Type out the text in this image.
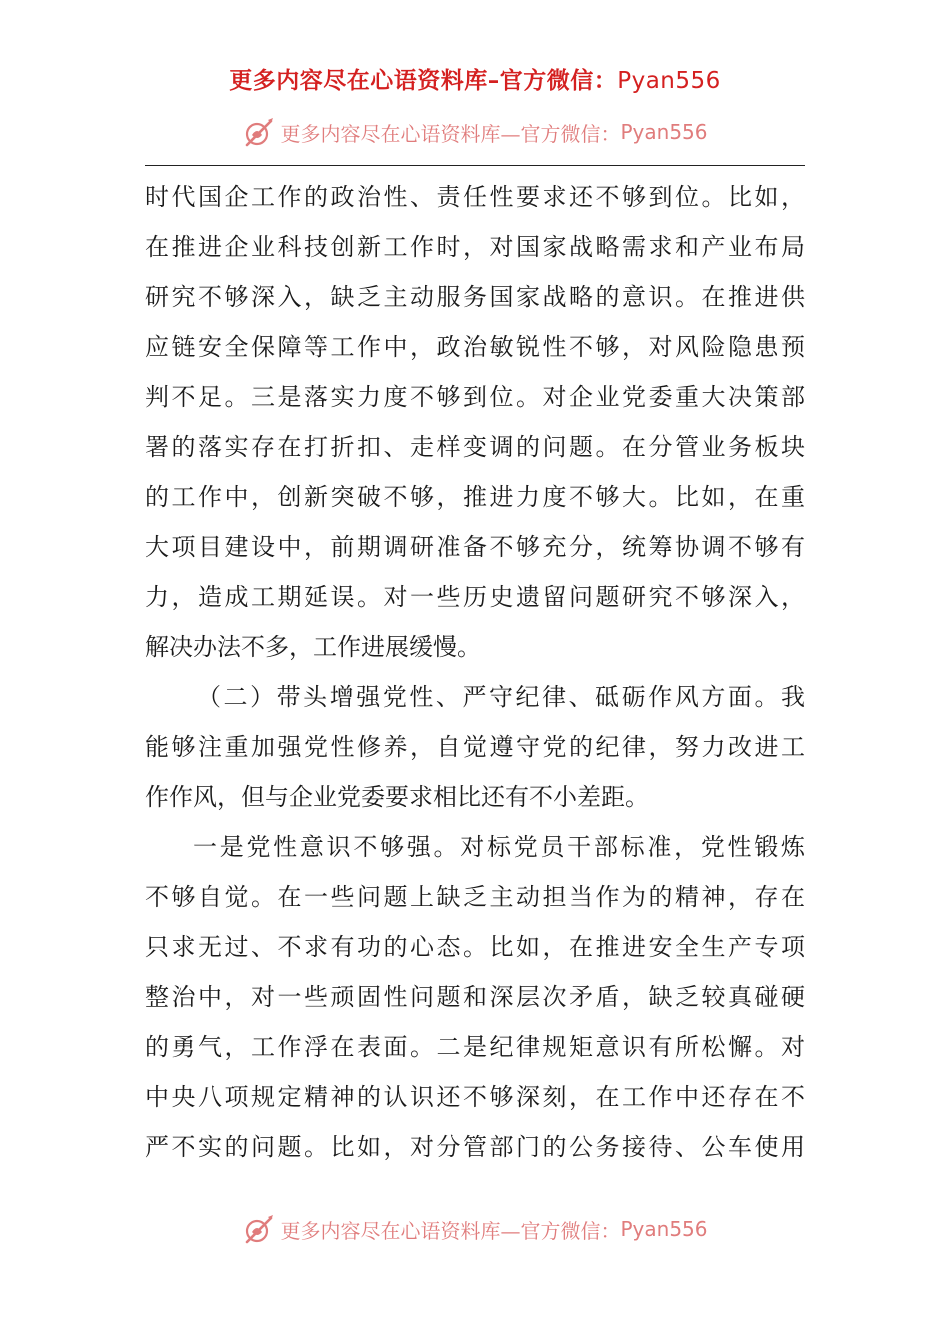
更多内容尽在心语资料库–官方微信：Pyan556
更多内容尽在心语资料库—官方微信： Pyan556
时代国企工作的政治性、责任性要求还不够到位。比如，
在推进企业科技创新工作时，对国家战略需求和产业布局
研究不够深入，缺乏主动服务国家战略的意识。在推进供
应链安全保障等工作中，政治敏锐性不够，对风险隐患预
判不足。三是落实力度不够到位。对企业党委重大决策部
署的落实存在打折扣、走样变调的问题。在分管业务板块
的工作中，创新突破不够，推进力度不够大。比如，在重
大项目建设中，前期调研准备不够充分，统筹协调不够有
力，造成工期延误。对一些历史遗留问题研究不够深入，
解决办法不多，工作进展缓慢。
（二）带头增强党性、严守纪律、砥砺作风方面。我
能够注重加强党性修养，自觉遵守党的纪律，努力改进工
作作风，但与企业党委要求相比还有不小差距。
一是党性意识不够强。对标党员干部标准，党性锻炼
不够自觉。在一些问题上缺乏主动担当作为的精神，存在
只求无过、不求有功的心态。比如，在推进安全生产专项
整治中，对一些顽固性问题和深层次矛盾，缺乏较真碰硬
的勇气，工作浮在表面。二是纪律规矩意识有所松懈。对
中央八项规定精神的认识还不够深刻，在工作中还存在不
严不实的问题。比如，对分管部门的公务接待、公车使用
更多内容尽在心语资料库—官方微信： Pyan556
